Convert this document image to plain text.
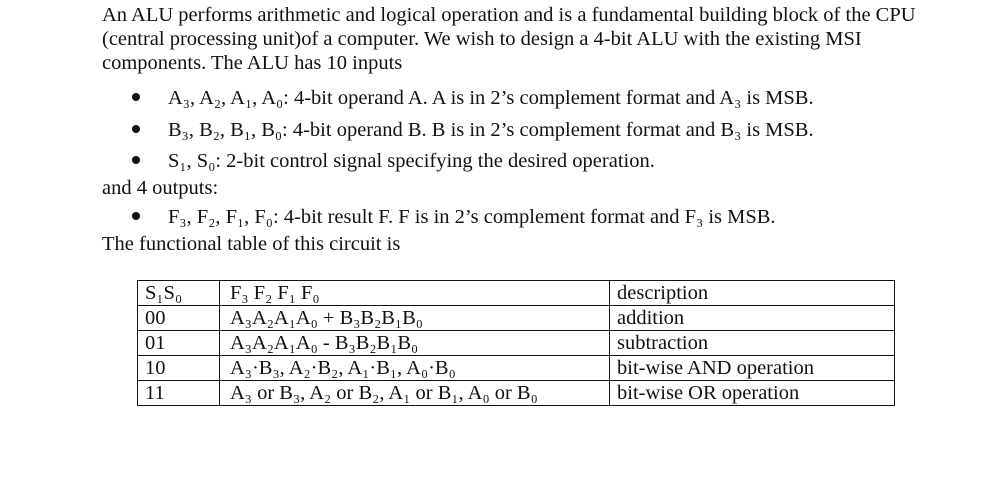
An ALU performs arithmetic and logical operation and is a fundamental building block of the CPU (central processing unit)of a computer. We wish to design a 4-bit ALU with the existing MSI components. The ALU has 10 inputs

A₃, A₂, A₁, A₀: 4-bit operand A. A is in 2’s complement format and A₃ is MSB.
B₃, B₂, B₁, B₀: 4-bit operand B. B is in 2’s complement format and B₃ is MSB.
S₁, S₀: 2-bit control signal specifying the desired operation.
and 4 outputs:
F₃, F₂, F₁, F₀: 4-bit result F. F is in 2’s complement format and F₃ is MSB.
The functional table of this circuit is
S₁S₀	F₃ F₂ F₁ F₀	description
00	A₃A₂A₁A₀ + B₃B₂B₁B₀	addition
01	A₃A₂A₁A₀ - B₃B₂B₁B₀	subtraction
10	A₃·B₃, A₂·B₂, A₁·B₁, A₀·B₀	bit-wise AND operation
11	A₃ or B₃, A₂ or B₂, A₁ or B₁, A₀ or B₀	bit-wise OR operation
